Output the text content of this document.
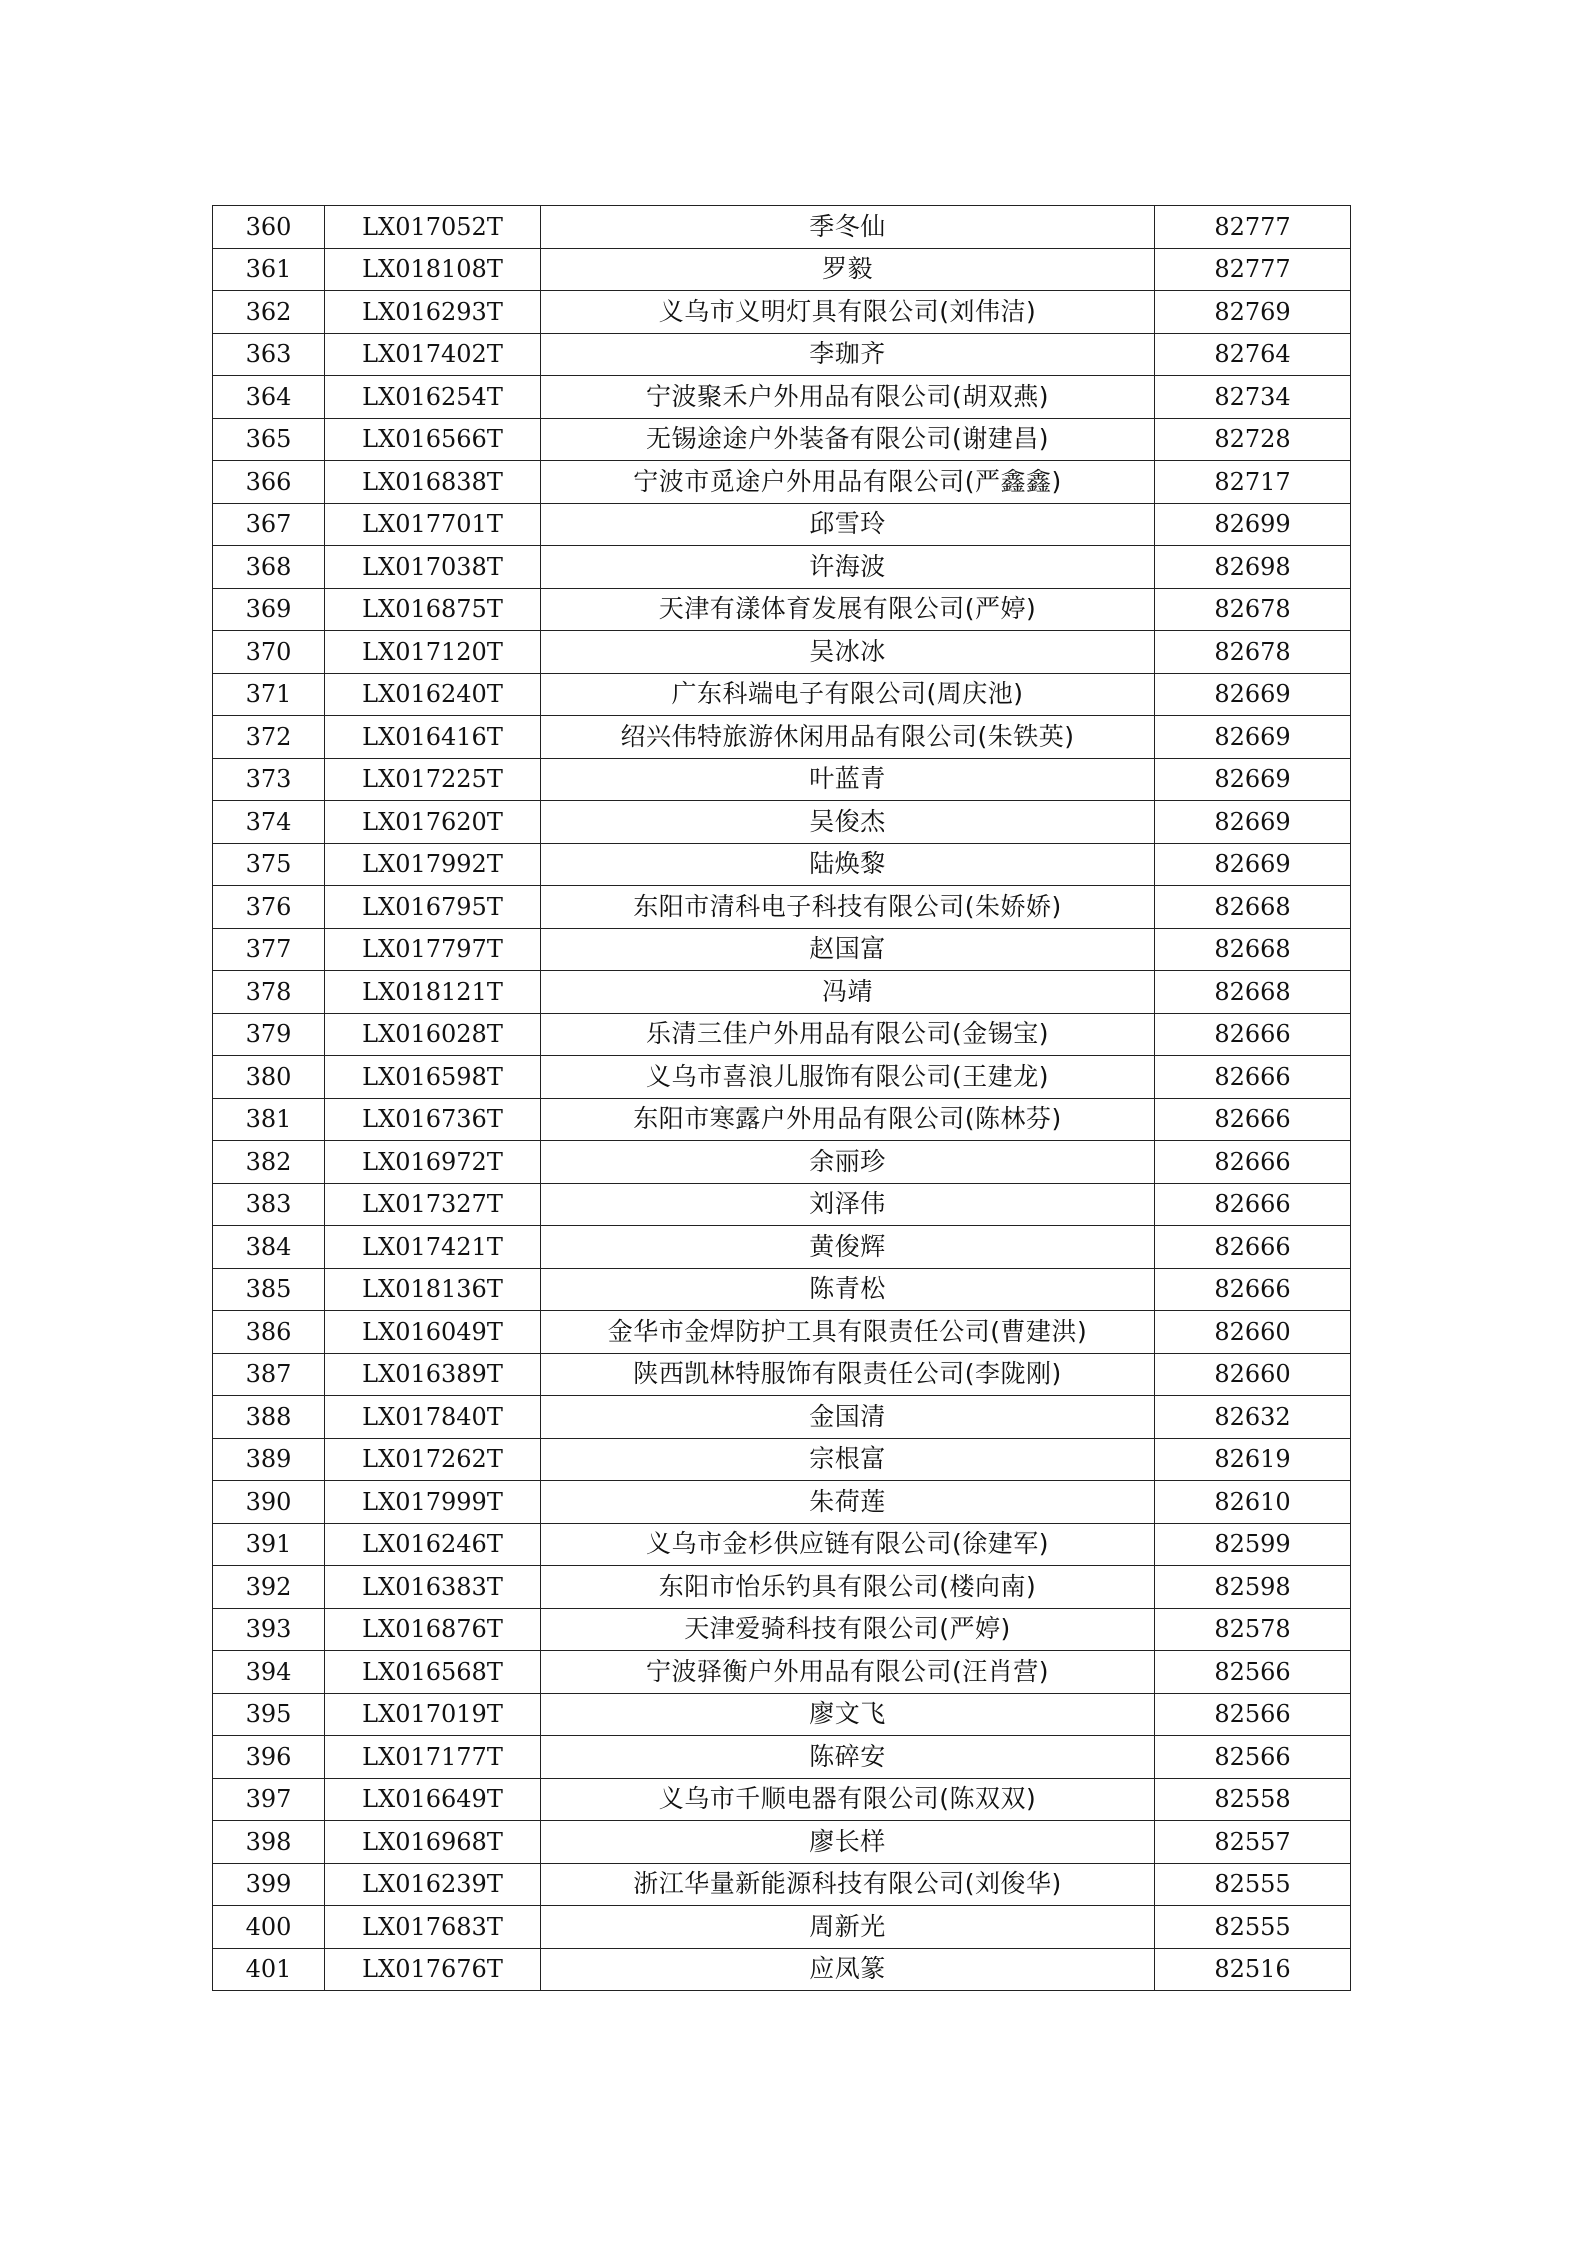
360	LX017052T	季冬仙	82777
361	LX018108T	罗毅	82777
362	LX016293T	义乌市义明灯具有限公司(刘伟洁)	82769
363	LX017402T	李珈齐	82764
364	LX016254T	宁波聚禾户外用品有限公司(胡双燕)	82734
365	LX016566T	无锡途途户外装备有限公司(谢建昌)	82728
366	LX016838T	宁波市觅途户外用品有限公司(严鑫鑫)	82717
367	LX017701T	邱雪玲	82699
368	LX017038T	许海波	82698
369	LX016875T	天津有漾体育发展有限公司(严婷)	82678
370	LX017120T	吴冰冰	82678
371	LX016240T	广东科端电子有限公司(周庆池)	82669
372	LX016416T	绍兴伟特旅游休闲用品有限公司(朱铁英)	82669
373	LX017225T	叶蓝青	82669
374	LX017620T	吴俊杰	82669
375	LX017992T	陆焕黎	82669
376	LX016795T	东阳市清科电子科技有限公司(朱娇娇)	82668
377	LX017797T	赵国富	82668
378	LX018121T	冯靖	82668
379	LX016028T	乐清三佳户外用品有限公司(金锡宝)	82666
380	LX016598T	义乌市喜浪儿服饰有限公司(王建龙)	82666
381	LX016736T	东阳市寒露户外用品有限公司(陈林芬)	82666
382	LX016972T	余丽珍	82666
383	LX017327T	刘泽伟	82666
384	LX017421T	黄俊辉	82666
385	LX018136T	陈青松	82666
386	LX016049T	金华市金焊防护工具有限责任公司(曹建洪)	82660
387	LX016389T	陕西凯林特服饰有限责任公司(李陇刚)	82660
388	LX017840T	金国清	82632
389	LX017262T	宗根富	82619
390	LX017999T	朱荷莲	82610
391	LX016246T	义乌市金杉供应链有限公司(徐建军)	82599
392	LX016383T	东阳市怡乐钓具有限公司(楼向南)	82598
393	LX016876T	天津爱骑科技有限公司(严婷)	82578
394	LX016568T	宁波驿衡户外用品有限公司(汪肖营)	82566
395	LX017019T	廖文飞	82566
396	LX017177T	陈碎安	82566
397	LX016649T	义乌市千顺电器有限公司(陈双双)	82558
398	LX016968T	廖长样	82557
399	LX016239T	浙江华量新能源科技有限公司(刘俊华)	82555
400	LX017683T	周新光	82555
401	LX017676T	应凤篆	82516
